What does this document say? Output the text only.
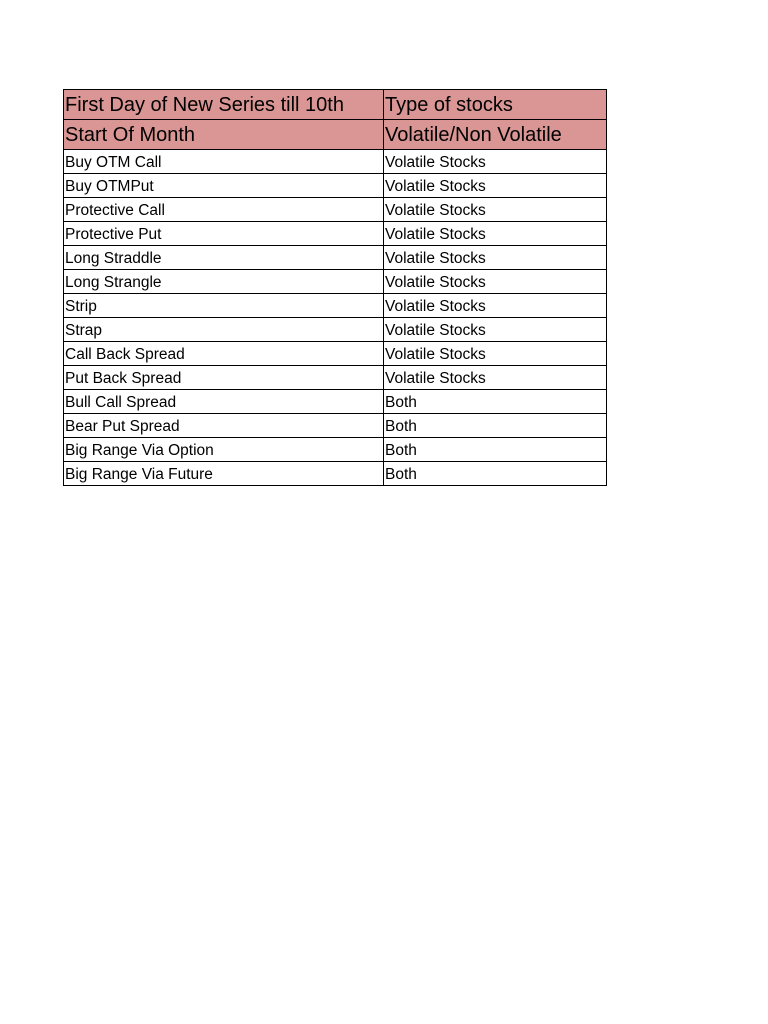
First Day of New Series till 10th	Type of stocks
Start Of Month	Volatile/Non Volatile
Buy OTM Call	Volatile Stocks
Buy OTMPut	Volatile Stocks
Protective Call	Volatile Stocks
Protective Put	Volatile Stocks
Long Straddle	Volatile Stocks
Long Strangle	Volatile Stocks
Strip	Volatile Stocks
Strap	Volatile Stocks
Call Back Spread	Volatile Stocks
Put Back Spread	Volatile Stocks
Bull Call Spread	Both
Bear Put Spread	Both
Big Range Via Option	Both
Big Range Via Future	Both
